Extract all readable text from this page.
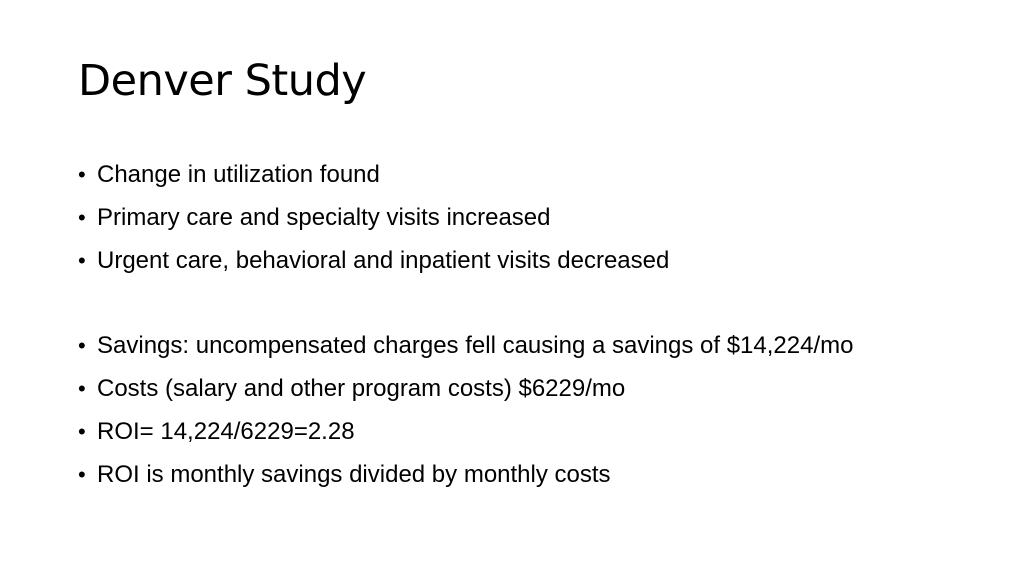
Denver Study
• Change in utilization found
• Primary care and specialty visits increased
• Urgent care, behavioral and inpatient visits decreased
• Savings: uncompensated charges fell causing a savings of $14,224/mo
• Costs (salary and other program costs) $6229/mo
• ROI= 14,224/6229=2.28
• ROI is monthly savings divided by monthly costs
